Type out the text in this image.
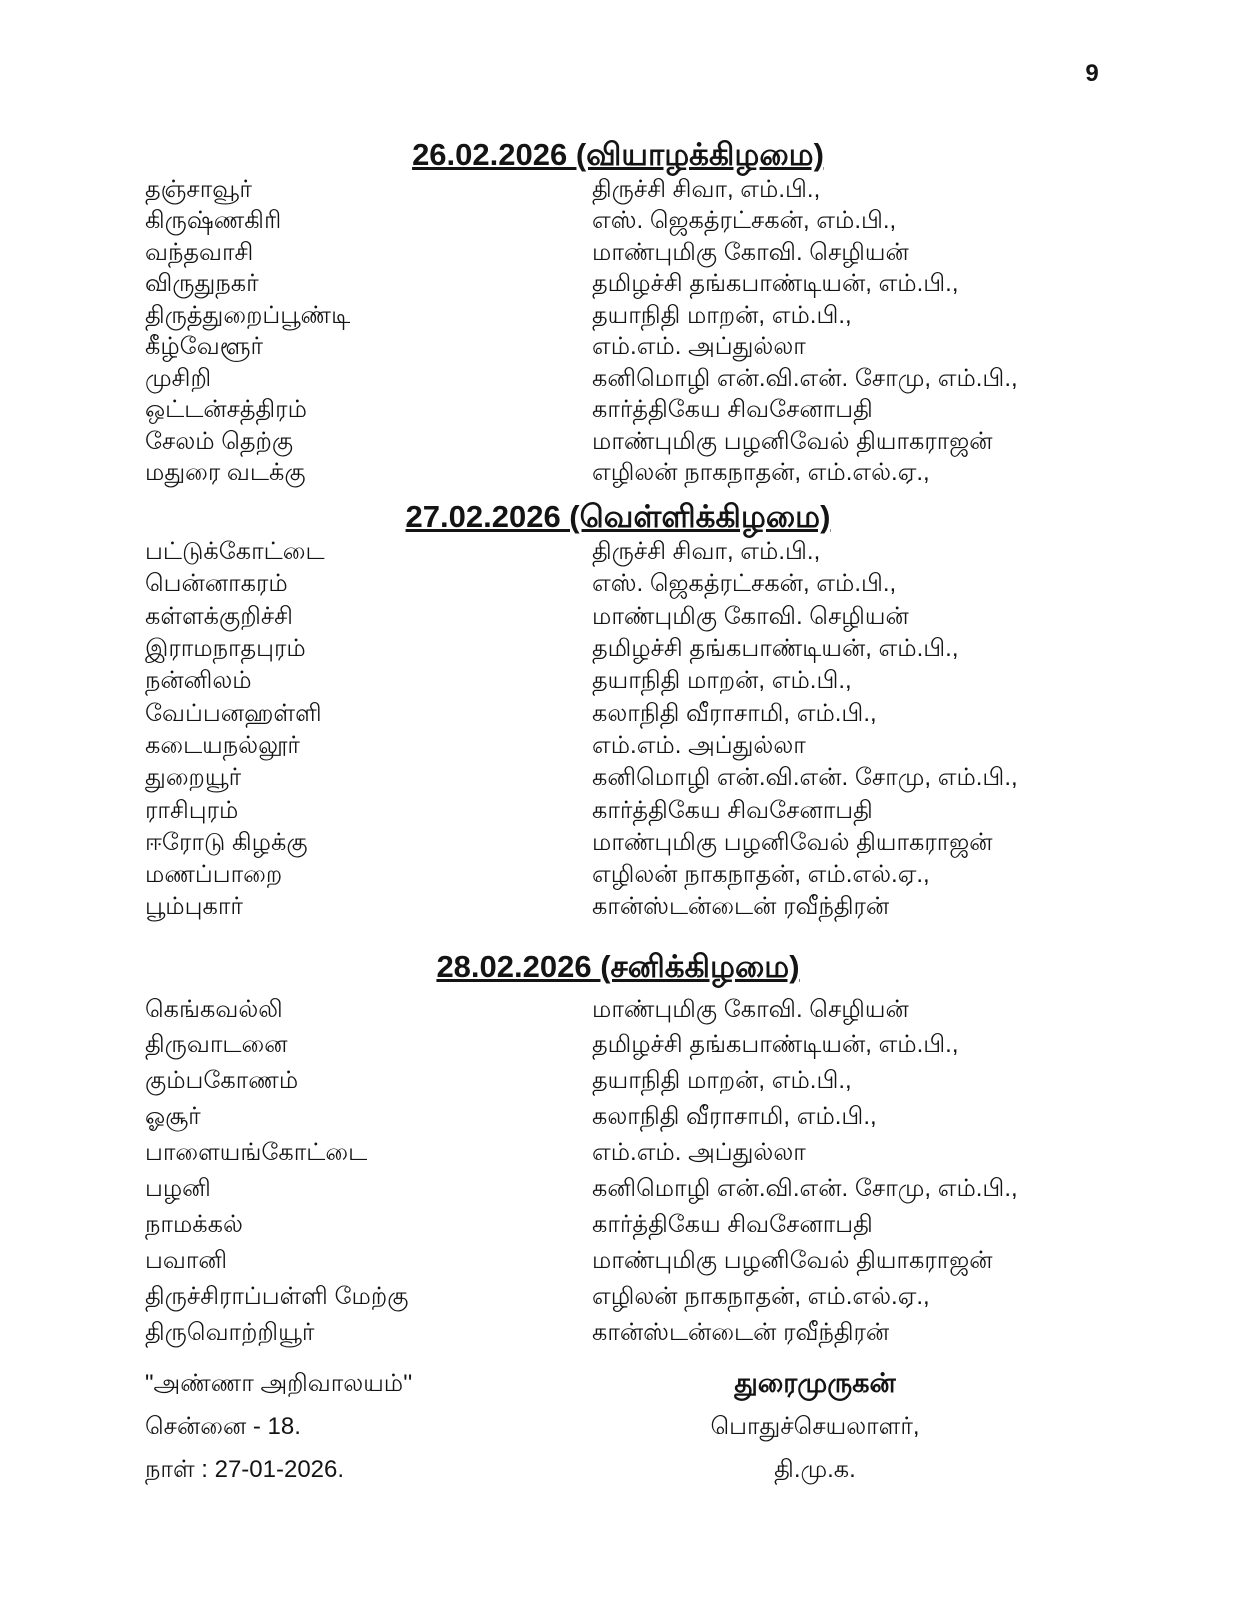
9
26.02.2026 (வியாழக்கிழமை)
தஞ்சாவூர்	திருச்சி சிவா, எம்.பி.,
கிருஷ்ணகிரி	எஸ். ஜெகத்ரட்சகன், எம்.பி.,
வந்தவாசி	மாண்புமிகு கோவி. செழியன்
விருதுநகர்	தமிழச்சி தங்கபாண்டியன், எம்.பி.,
திருத்துறைப்பூண்டி	தயாநிதி மாறன், எம்.பி.,
கீழ்வேளூர்	எம்.எம். அப்துல்லா
முசிறி	கனிமொழி என்.வி.என். சோமு, எம்.பி.,
ஒட்டன்சத்திரம்	கார்த்திகேய சிவசேனாபதி
சேலம் தெற்கு	மாண்புமிகு பழனிவேல் தியாகராஜன்
மதுரை வடக்கு	எழிலன் நாகநாதன், எம்.எல்.ஏ.,
27.02.2026 (வெள்ளிக்கிழமை)
பட்டுக்கோட்டை	திருச்சி சிவா, எம்.பி.,
பென்னாகரம்	எஸ். ஜெகத்ரட்சகன், எம்.பி.,
கள்ளக்குறிச்சி	மாண்புமிகு கோவி. செழியன்
இராமநாதபுரம்	தமிழச்சி தங்கபாண்டியன், எம்.பி.,
நன்னிலம்	தயாநிதி மாறன், எம்.பி.,
வேப்பனஹள்ளி	கலாநிதி வீராசாமி, எம்.பி.,
கடையநல்லூர்	எம்.எம். அப்துல்லா
துறையூர்	கனிமொழி என்.வி.என். சோமு, எம்.பி.,
ராசிபுரம்	கார்த்திகேய சிவசேனாபதி
ஈரோடு கிழக்கு	மாண்புமிகு பழனிவேல் தியாகராஜன்
மணப்பாறை	எழிலன் நாகநாதன், எம்.எல்.ஏ.,
பூம்புகார்	கான்ஸ்டன்டைன் ரவீந்திரன்
28.02.2026 (சனிக்கிழமை)
கெங்கவல்லி	மாண்புமிகு கோவி. செழியன்
திருவாடனை	தமிழச்சி தங்கபாண்டியன், எம்.பி.,
கும்பகோணம்	தயாநிதி மாறன், எம்.பி.,
ஓசூர்	கலாநிதி வீராசாமி, எம்.பி.,
பாளையங்கோட்டை	எம்.எம். அப்துல்லா
பழனி	கனிமொழி என்.வி.என். சோமு, எம்.பி.,
நாமக்கல்	கார்த்திகேய சிவசேனாபதி
பவானி	மாண்புமிகு பழனிவேல் தியாகராஜன்
திருச்சிராப்பள்ளி மேற்கு	எழிலன் நாகநாதன், எம்.எல்.ஏ.,
திருவொற்றியூர்	கான்ஸ்டன்டைன் ரவீந்திரன்
"அண்ணா அறிவாலயம்''
சென்னை - 18.
நாள் : 27-01-2026.
துரைமுருகன்
பொதுச்செயலாளர்,
தி.மு.க.
